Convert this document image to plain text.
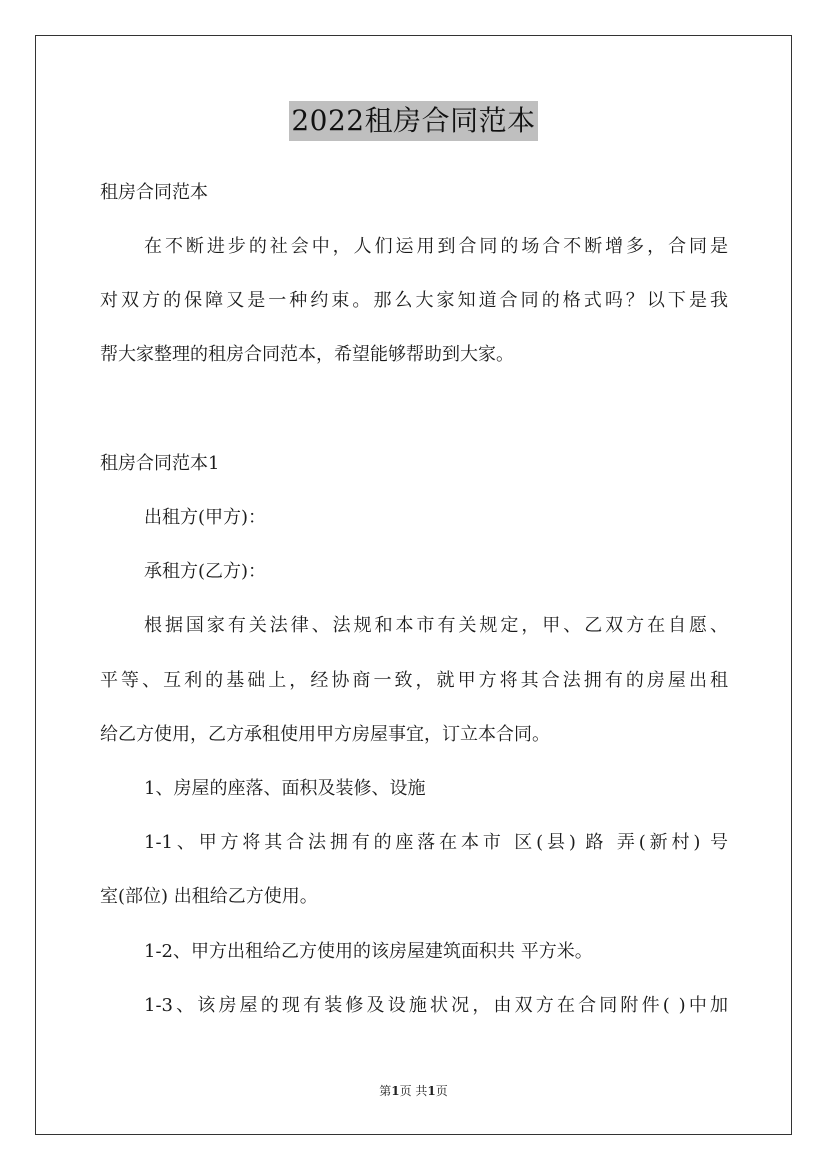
2022租房合同范本
租房合同范本
在不断进步的社会中，人们运用到合同的场合不断增多，合同是
对双方的保障又是一种约束。那么大家知道合同的格式吗？以下是我
帮大家整理的租房合同范本，希望能够帮助到大家。
租房合同范本1
出租方(甲方)：
承租方(乙方)：
根据国家有关法律、法规和本市有关规定，甲、乙双方在自愿、
平等、互利的基础上，经协商一致，就甲方将其合法拥有的房屋出租
给乙方使用，乙方承租使用甲方房屋事宜，订立本合同。
1、房屋的座落、面积及装修、设施
1-1、甲方将其合法拥有的座落在本市 区(县) 路 弄(新村) 号
室(部位) 出租给乙方使用。
1-2、甲方出租给乙方使用的该房屋建筑面积共 平方米。
1-3、该房屋的现有装修及设施状况，由双方在合同附件( )中加
第1页 共1页
